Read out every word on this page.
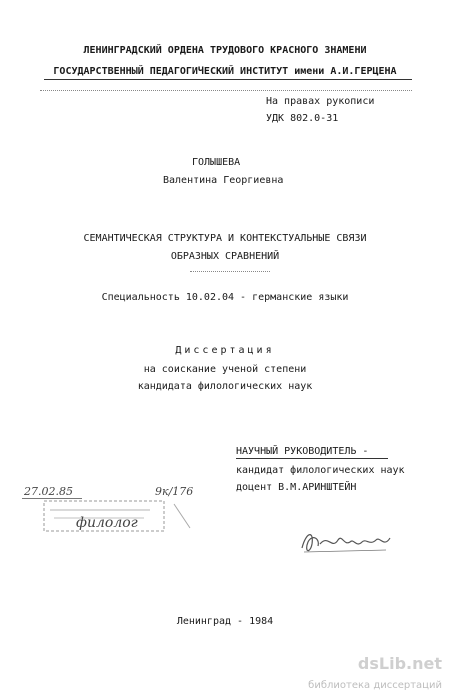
ЛЕНИНГРАДСКИЙ ОРДЕНА ТРУДОВОГО КРАСНОГО ЗНАМЕНИ
ГОСУДАРСТВЕННЫЙ ПЕДАГОГИЧЕСКИЙ ИНСТИТУТ имени А.И.ГЕРЦЕНА
На правах рукописи
УДК 802.0-31
ГОЛЫШЕВА
Валентина Георгиевна
СЕМАНТИЧЕСКАЯ СТРУКТУРА И КОНТЕКСТУАЛЬНЫЕ СВЯЗИ
ОБРАЗНЫХ СРАВНЕНИЙ
Специальность 10.02.04 - германские языки
Диссертация
на соискание ученой степени
кандидата филологических наук
НАУЧНЫЙ РУКОВОДИТЕЛЬ -
кандидат филологических наук
доцент В.М.АРИНШТЕЙН
27.02.85	9к/176
филолог
Ленинград - 1984
dsLib.net
библиотека диссертаций
